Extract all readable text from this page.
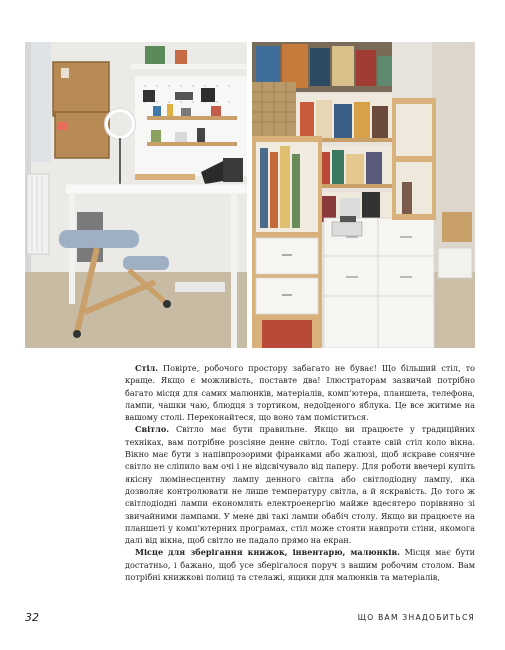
Стіл. Повірте, робочого простору забагато не буває! Що більший стіл, то краще. Якщо є можливість, поставте два! Ілюстраторам зазвичай потрібно багато місця для самих малюнків, матеріалів, комп’ютера, планшета, телефона, лампи, чашки чаю, блюдця з тортиком, недоїденого яблука. Це все житиме на вашому столі. Переконайтеся, що воно там поміститься.

Світло. Світло має бути правильне. Якщо ви працюєте у традиційних техніках, вам потрібне розсіяне денне світло. Тоді ставте свій стіл коло вікна. Вікно має бути з напівпрозорими фіранками або жалюзі, щоб яскраве сонячне світло не сліпило вам очі і не відсвічувало від паперу. Для роботи ввечері купіть якісну люмінесцентну лампу денного світла або світлодіодну лампу, яка дозволяє контролювати не лише температуру світла, а й яскравість. До того ж світлодіодні лампи економлять електроенергію майже вдесятеро порівняно зі звичайними лампами. У мене дві такі лампи обабіч столу. Якщо ви працюєте на планшеті у комп’ютерних програмах, стіл може стояти навпроти стіни, якомога далі від вікна, щоб світло не падало прямо на екран.

Місце для зберігання книжок, інвентарю, малюнків. Місця має бути достатньо, і бажано, щоб усе зберігалося поруч з вашим робочим столом. Вам потрібні книжкові полиці та стелажі, ящики для малюнків та матеріалів,

32	ЩО ВАМ ЗНАДОБИТЬСЯ
